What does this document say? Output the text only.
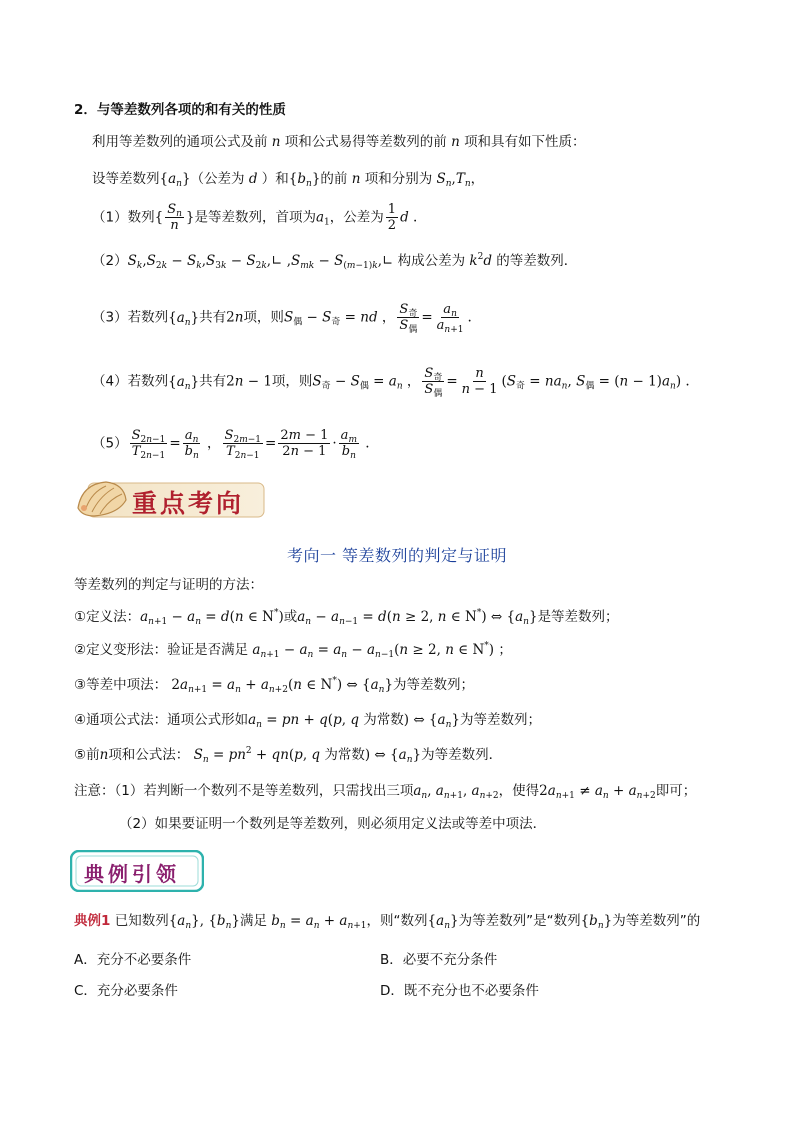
2．与等差数列各项的和有关的性质
利用等差数列的通项公式及前 n 项和公式易得等差数列的前 n 项和具有如下性质：
设等差数列$\{a_n\}$（公差为 d ）和$\{b_n\}$的前 n 项和分别为 $S_n,T_n$，
（1）数列{ $\frac{S_n}{n}$ }是等差数列，首项为$a_1$，公差为 $\frac{1}{2}$ d .
$(2)S_k,S_{2k} - S_k,S_{3k}$ − $S_{2k},∟$ $,S_{mk}$ − $S_{(m-1)k},∟$ 构成公差为 $k^2d$ 的等差数列．
（3）若数列$\{a_n\}$共有2n项，则$S_偶 - S_奇$ = nd ， $\frac{S_奇}{S_偶} = \frac{a_n}{a_{n+1}}$ .
（4）若数列$\{a_n\}$共有2n − 1项，则$S_奇 - S_偶 = a_n$ ， $\frac{S_奇}{S_偶} = \frac{n}{n - 1} (S_奇 = na_n$, $S_偶 = (n - 1)a_n$) .
$(5) \frac{S_{2n-1}}{T_{2n-1}} = \frac{a_n}{b_n}$ ， $\frac{S_{2m-1}}{T_{2n-1}} = \frac{2m - 1}{2n - 1} \cdot \frac{a_m}{b_n}$ .
重点考向
考向一 等差数列的判定与证明
等差数列的判定与证明的方法：
①定义法：$a_{n+1} - a_n = d(n$ ∈ N*)或$a_n - a_{n-1} = d(n \ge 2$, n ∈ N*) ⇔ $\{a_n\}$是等差数列；
②定义变形法：验证是否满足 $a_{n+1} - a_n = a_n - a_{n-1}(n \ge 2$, n ∈ N*) ；
③等差中项法： $2a_{n+1} = a_n + a_{n+2}(n$ ∈ N*) ⇔ $\{a_n\}$为等差数列；
④通项公式法：通项公式形如$a_n$ = pn + q(p, q 为常数) ⇔ $\{a_n\}$为等差数列；
⑤前n项和公式法： $S_n = pn^2 + qn(p$, q 为常数) ⇔ $\{a_n\}$为等差数列．
注意：（1）若判断一个数列不是等差数列，只需找出三项$a_n$, $a_{n+1}$, $a_{n+2}$，使得$2a_{n+1} \ne a_n + a_{n+2}$即可；
（2）如果要证明一个数列是等差数列，则必须用定义法或等差中项法．
典例引领
典例1 已知数列$\{a_n\}$, $\{b_n\}$满足 $b_n = a_n + a_{n+1}$，则“数列$\{a_n\}$为等差数列”是“数列$\{b_n\}$为等差数列”的
A．充分不必要条件	B．必要不充分条件
C．充分必要条件	D．既不充分也不必要条件
